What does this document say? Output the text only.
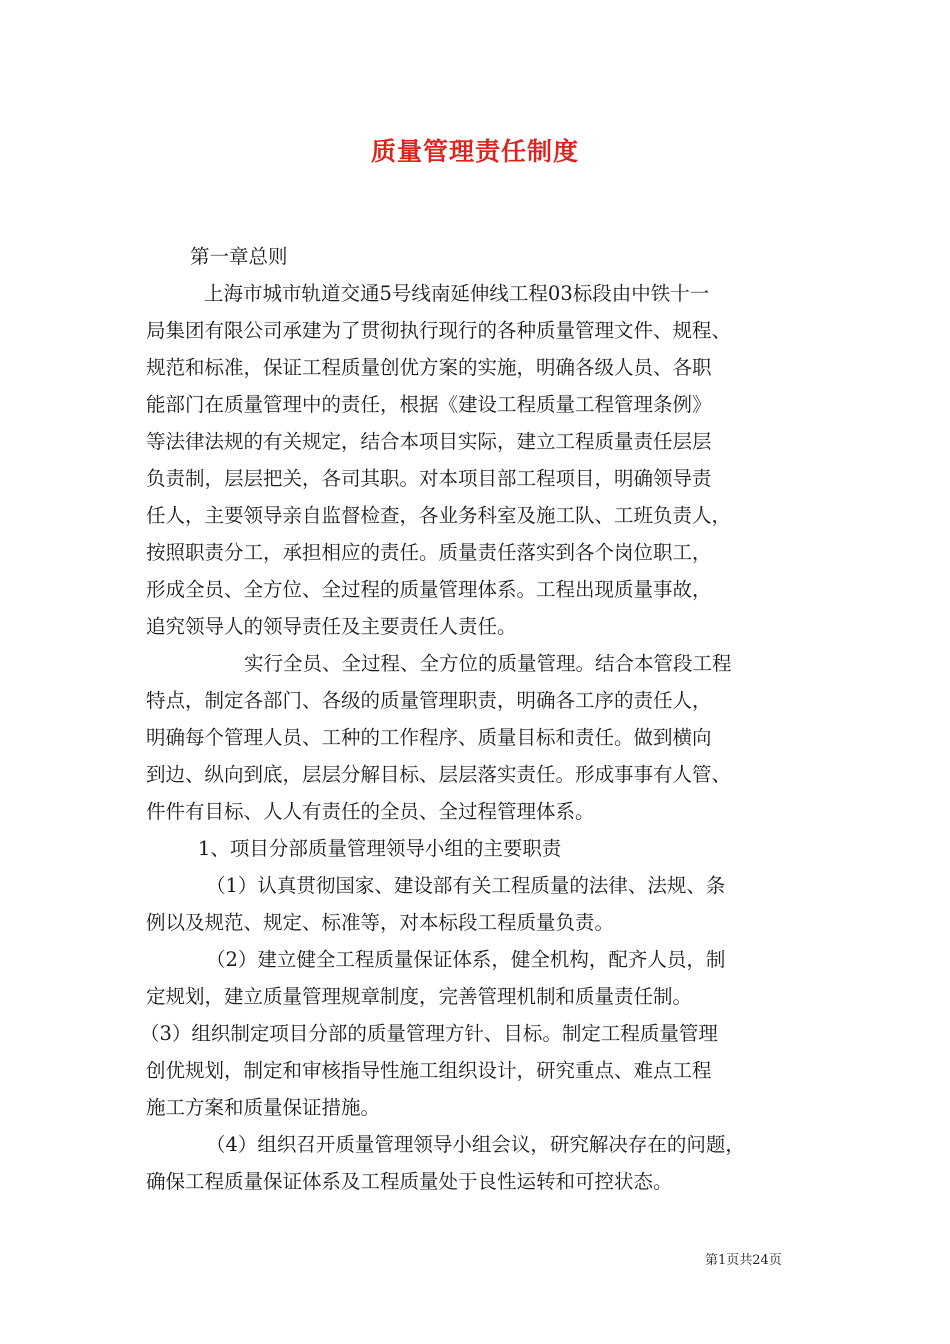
质量管理责任制度
第一章总则
上海市城市轨道交通5号线南延伸线工程03标段由中铁十一
局集团有限公司承建为了贯彻执行现行的各种质量管理文件、规程、
规范和标准，保证工程质量创优方案的实施，明确各级人员、各职
能部门在质量管理中的责任，根据《建设工程质量工程管理条例》
等法律法规的有关规定，结合本项目实际，建立工程质量责任层层
负责制，层层把关，各司其职。对本项目部工程项目，明确领导责
任人，主要领导亲自监督检查，各业务科室及施工队、工班负责人，
按照职责分工，承担相应的责任。质量责任落实到各个岗位职工，
形成全员、全方位、全过程的质量管理体系。工程出现质量事故，
追究领导人的领导责任及主要责任人责任。
实行全员、全过程、全方位的质量管理。结合本管段工程
特点，制定各部门、各级的质量管理职责，明确各工序的责任人，
明确每个管理人员、工种的工作程序、质量目标和责任。做到横向
到边、纵向到底，层层分解目标、层层落实责任。形成事事有人管、
件件有目标、人人有责任的全员、全过程管理体系。
1、项目分部质量管理领导小组的主要职责
（1）认真贯彻国家、建设部有关工程质量的法律、法规、条
例以及规范、规定、标准等，对本标段工程质量负责。
（2）建立健全工程质量保证体系，健全机构，配齐人员，制
定规划，建立质量管理规章制度，完善管理机制和质量责任制。
（3）组织制定项目分部的质量管理方针、目标。制定工程质量管理
创优规划，制定和审核指导性施工组织设计，研究重点、难点工程
施工方案和质量保证措施。
（4）组织召开质量管理领导小组会议，研究解决存在的问题，
确保工程质量保证体系及工程质量处于良性运转和可控状态。
第1页共24页
